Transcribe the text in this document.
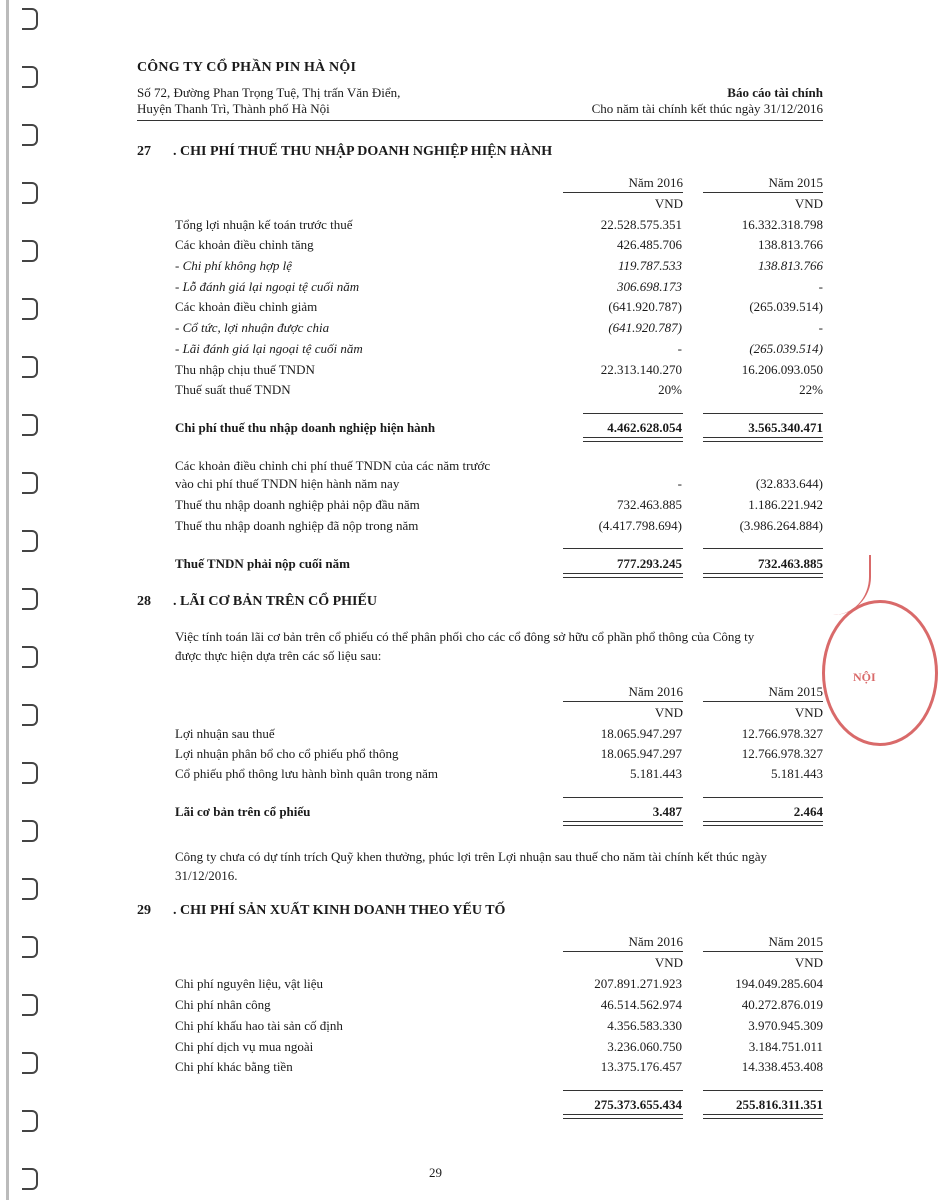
CÔNG TY CỔ PHẦN PIN HÀ NỘI
Số 72, Đường Phan Trọng Tuệ, Thị trấn Văn Điển,
Huyện Thanh Trì, Thành phố Hà Nội
Báo cáo tài chính
Cho năm tài chính kết thúc ngày 31/12/2016
27 . CHI PHÍ THUẾ THU NHẬP DOANH NGHIỆP HIỆN HÀNH
Năm 2016	Năm 2015
VND	VND
Tổng lợi nhuận kế toán trước thuế	22.528.575.351	16.332.318.798
Các khoản điều chỉnh tăng	426.485.706	138.813.766
- Chi phí không hợp lệ	119.787.533	138.813.766
- Lỗ đánh giá lại ngoại tệ cuối năm	306.698.173	-
Các khoản điều chỉnh giảm	(641.920.787)	(265.039.514)
- Cổ tức, lợi nhuận được chia	(641.920.787)	-
- Lãi đánh giá lại ngoại tệ cuối năm	-	(265.039.514)
Thu nhập chịu thuế TNDN	22.313.140.270	16.206.093.050
Thuế suất thuế TNDN	20%	22%
Chi phí thuế thu nhập doanh nghiệp hiện hành	4.462.628.054	3.565.340.471
Các khoản điều chỉnh chi phí thuế TNDN của các năm trước
vào chi phí thuế TNDN hiện hành năm nay	-	(32.833.644)
Thuế thu nhập doanh nghiệp phải nộp đầu năm	732.463.885	1.186.221.942
Thuế thu nhập doanh nghiệp đã nộp trong năm	(4.417.798.694)	(3.986.264.884)
Thuế TNDN phải nộp cuối năm	777.293.245	732.463.885
28 . LÃI CƠ BẢN TRÊN CỔ PHIẾU
Việc tính toán lãi cơ bản trên cổ phiếu có thể phân phối cho các cổ đông sở hữu cổ phần phổ thông của Công ty
được thực hiện dựa trên các số liệu sau:
Năm 2016	Năm 2015
VND	VND
Lợi nhuận sau thuế	18.065.947.297	12.766.978.327
Lợi nhuận phân bổ cho cổ phiếu phổ thông	18.065.947.297	12.766.978.327
Cổ phiếu phổ thông lưu hành bình quân trong năm	5.181.443	5.181.443
Lãi cơ bản trên cổ phiếu	3.487	2.464
Công ty chưa có dự tính trích Quỹ khen thưởng, phúc lợi trên Lợi nhuận sau thuế cho năm tài chính kết thúc ngày
31/12/2016.
29 . CHI PHÍ SẢN XUẤT KINH DOANH THEO YẾU TỐ
Năm 2016	Năm 2015
VND	VND
Chi phí nguyên liệu, vật liệu	207.891.271.923	194.049.285.604
Chi phí nhân công	46.514.562.974	40.272.876.019
Chi phí khấu hao tài sản cố định	4.356.583.330	3.970.945.309
Chi phí dịch vụ mua ngoài	3.236.060.750	3.184.751.011
Chi phí khác bằng tiền	13.375.176.457	14.338.453.408
275.373.655.434	255.816.311.351
NỘI
29
